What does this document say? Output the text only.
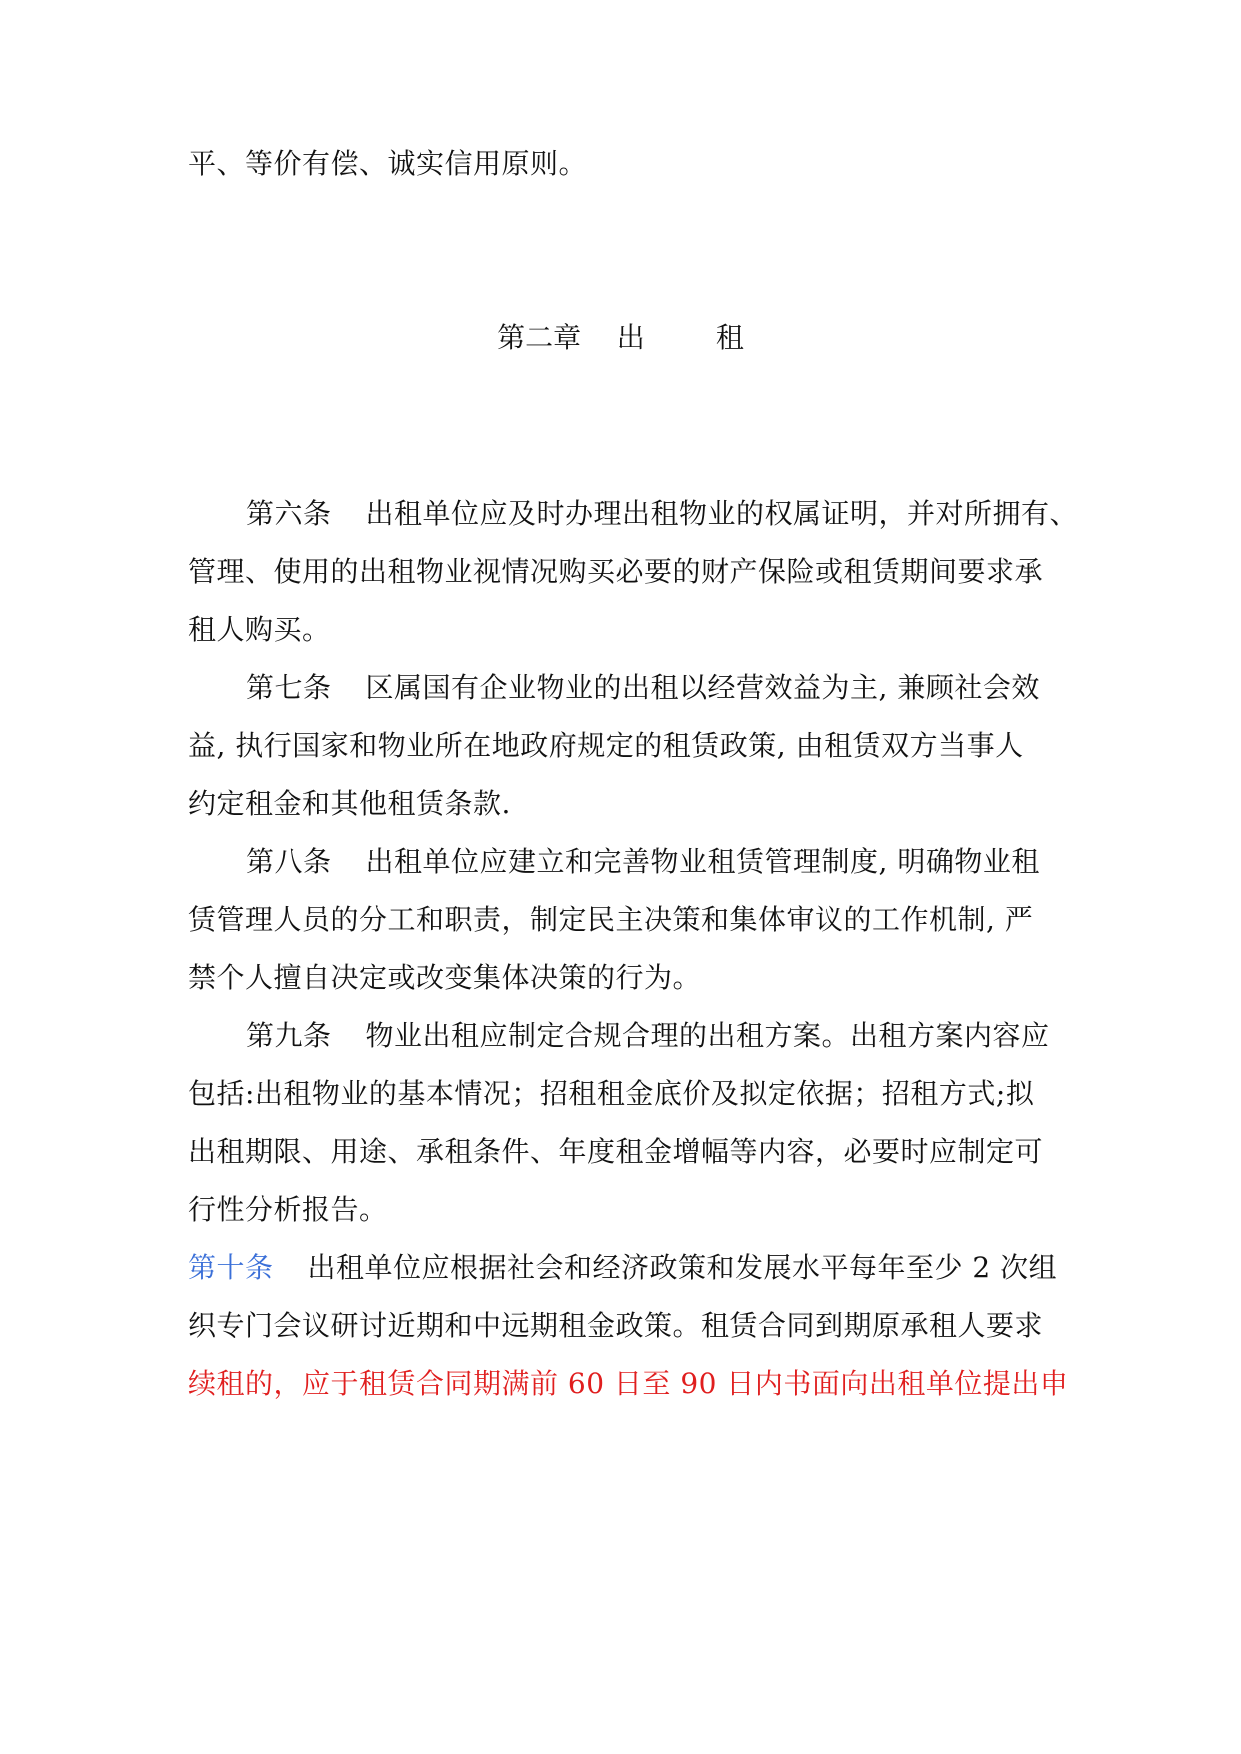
平、等价有偿、诚实信用原则。
第二章    出        租
第六条 出租单位应及时办理出租物业的权属证明，并对所拥有、
管理、使用的出租物业视情况购买必要的财产保险或租赁期间要求承
租人购买。
第七条 区属国有企业物业的出租以经营效益为主, 兼顾社会效
益, 执行国家和物业所在地政府规定的租赁政策, 由租赁双方当事人
约定租金和其他租赁条款.
第八条 出租单位应建立和完善物业租赁管理制度, 明确物业租
赁管理人员的分工和职责，制定民主决策和集体审议的工作机制, 严
禁个人擅自决定或改变集体决策的行为。
第九条 物业出租应制定合规合理的出租方案。出租方案内容应
包括:出租物业的基本情况；招租租金底价及拟定依据；招租方式;拟
出租期限、用途、承租条件、年度租金增幅等内容，必要时应制定可
行性分析报告。
第十条 出租单位应根据社会和经济政策和发展水平每年至少 2 次组
织专门会议研讨近期和中远期租金政策。租赁合同到期原承租人要求
续租的，应于租赁合同期满前 60 日至 90 日内书面向出租单位提出申
